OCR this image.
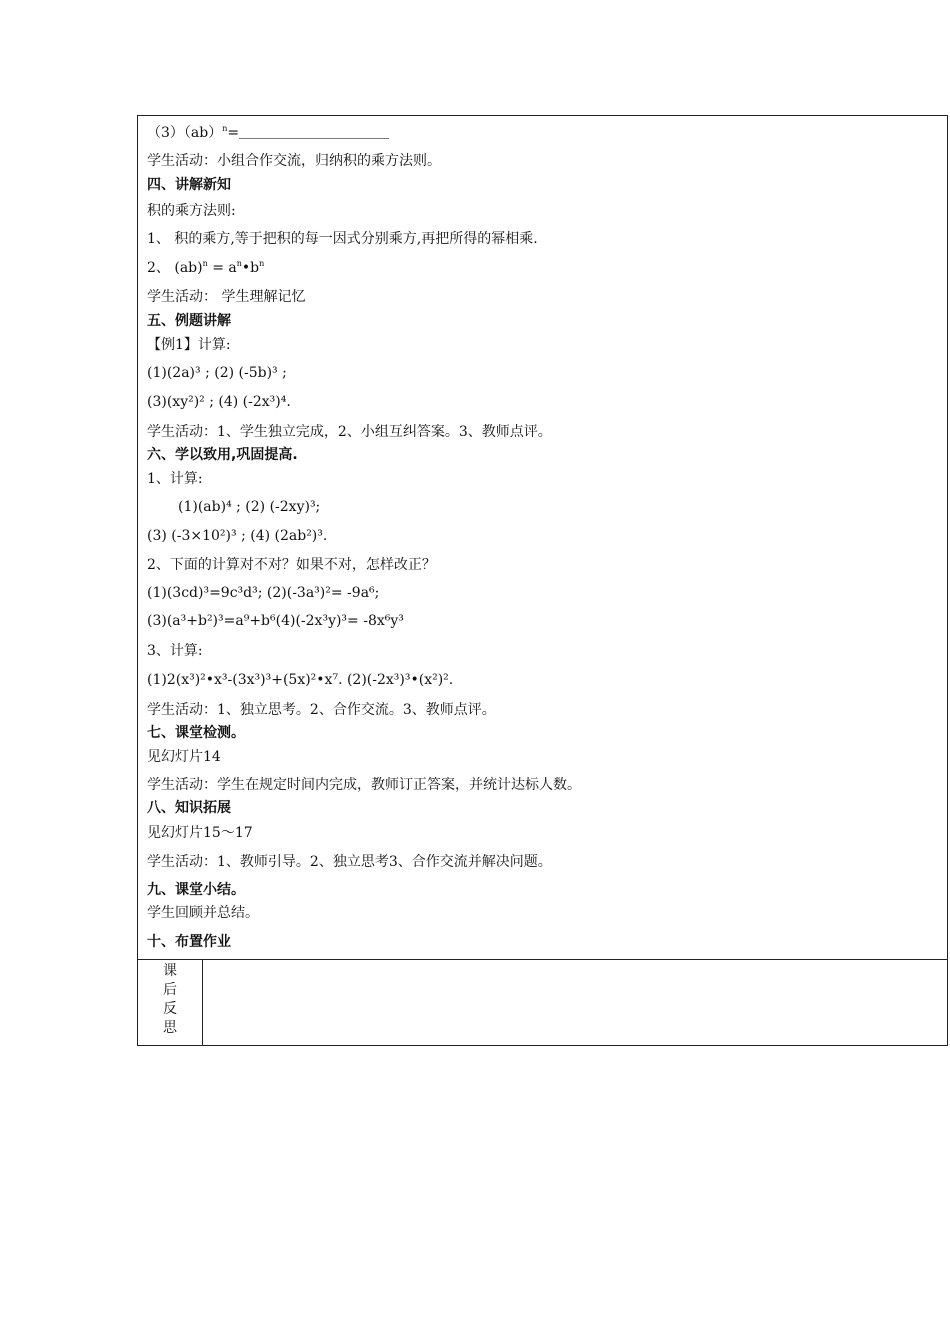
（3）（ab）$^n$=
学生活动：小组合作交流，归纳积的乘方法则。
四、讲解新知
积的乘方法则:
1、 积的乘方,等于把积的每一因式分别乘方,再把所得的幂相乘.
2、 $(ab)^n = a^n•b^n$
学生活动： 学生理解记忆
五、例题讲解
【例1】计算:
(1)(2a)³ ; (2) (-5b)³ ;
(3)(xy²)² ; (4) (-2x³)⁴.
学生活动：1、学生独立完成，2、小组互纠答案。3、教师点评。
六、学以致用,巩固提高.
1、计算:
(1)(ab)⁴ ; (2) (-2xy)³;
(3) (-3×10²)³ ; (4) (2ab²)³.
2、下面的计算对不对？如果不对，怎样改正？
(1)(3cd)³=9c³d³; (2)(-3a³)²= -9a⁶;
(3)(a³+b²)³=a⁹+b⁶(4)(-2x³y)³= -8x⁶y³
3、计算:
(1)2(x³)²•x³-(3x³)³+(5x)²•x⁷. (2)(-2x³)³•(x²)².
学生活动：1、独立思考。2、合作交流。3、教师点评。
七、课堂检测。
见幻灯片14
学生活动：学生在规定时间内完成，教师订正答案，并统计达标人数。
八、知识拓展
见幻灯片15～17
学生活动：1、教师引导。2、独立思考3、合作交流并解决问题。
九、课堂小结。
学生回顾并总结。
十、布置作业
课
后
反
思
